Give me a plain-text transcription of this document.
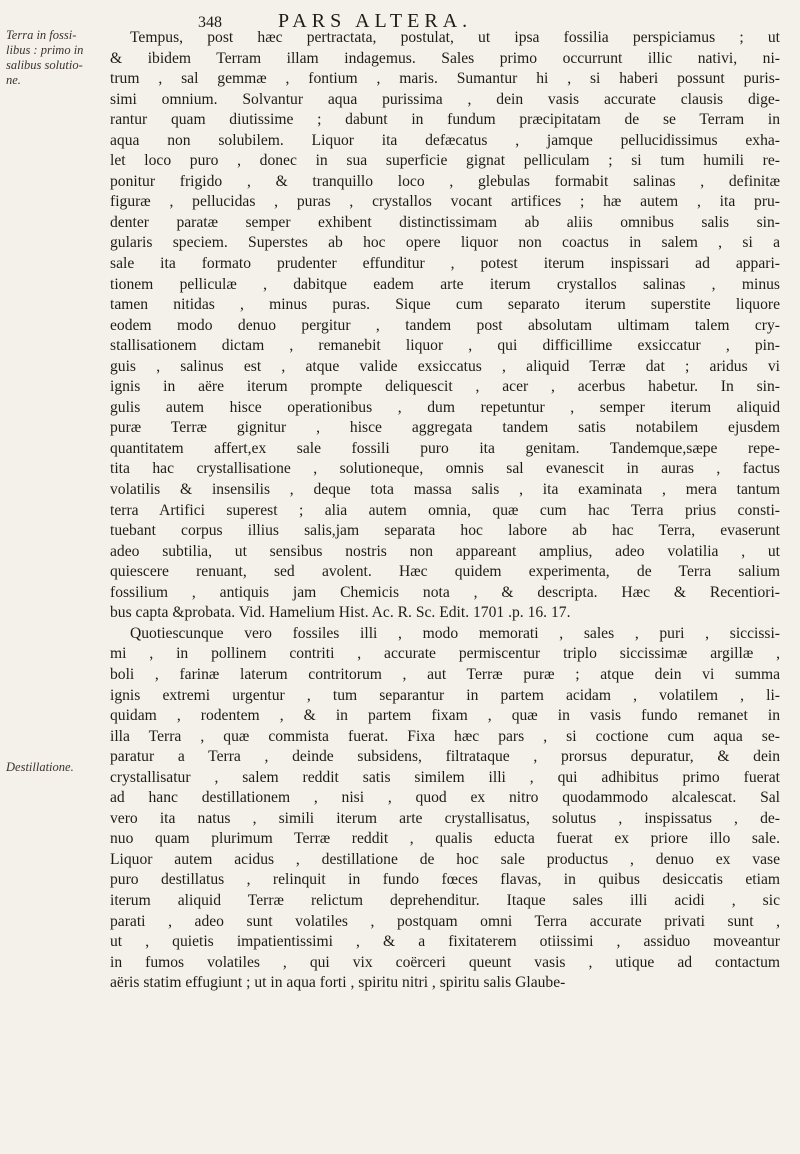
348	PARS ALTERA.
Terra in fossi-
libus : primo in
salibus solutio-
ne.
Destillatione.

Tempus, post hæc pertractata, postulat, ut ipsa fossilia perspiciamus ; ut
& ibidem Terram illam indagemus. Sales primo occurrunt illic nativi, ni-
trum , sal gemmæ , fontium , maris. Sumantur hi , si haberi possunt puris-
simi omnium. Solvantur aqua purissima , dein vasis accurate clausis dige-
rantur quam diutissime ; dabunt in fundum præcipitatam de se Terram in
aqua non solubilem. Liquor ita defæcatus , jamque pellucidissimus exha-
let loco puro , donec in sua superficie gignat pelliculam ; si tum humili re-
ponitur frigido , & tranquillo loco , glebulas formabit salinas , definitæ
figuræ , pellucidas , puras , crystallos vocant artifices ; hæ autem , ita pru-
denter paratæ semper exhibent distinctissimam ab aliis omnibus salis sin-
gularis speciem. Superstes ab hoc opere liquor non coactus in salem , si a
sale ita formato prudenter effunditur , potest iterum inspissari ad appari-
tionem pelliculæ , dabitque eadem arte iterum crystallos salinas , minus
tamen nitidas , minus puras. Sique cum separato iterum superstite liquore
eodem modo denuo pergitur , tandem post absolutam ultimam talem cry-
stallisationem dictam , remanebit liquor , qui difficillime exsiccatur , pin-
guis , salinus est , atque valide exsiccatus , aliquid Terræ dat ; aridus vi
ignis in aëre iterum prompte deliquescit , acer , acerbus habetur. In sin-
gulis autem hisce operationibus , dum repetuntur , semper iterum aliquid
puræ Terræ gignitur , hisce aggregata tandem satis notabilem ejusdem
quantitatem affert,ex sale fossili puro ita genitam. Tandemque,sæpe repe-
tita hac crystallisatione , solutioneque, omnis sal evanescit in auras , factus
volatilis & insensilis , deque tota massa salis , ita examinata , mera tantum
terra Artifici superest ; alia autem omnia, quæ cum hac Terra prius consti-
tuebant corpus illius salis,jam separata hoc labore ab hac Terra, evaserunt
adeo subtilia, ut sensibus nostris non appareant amplius, adeo volatilia , ut
quiescere renuant, sed avolent. Hæc quidem experimenta, de Terra salium
fossilium , antiquis jam Chemicis nota , & descripta. Hæc & Recentiori-
bus capta &probata. Vid. Hamelium Hist. Ac. R. Sc. Edit. 1701 .p. 16. 17.

Quotiescunque vero fossiles illi , modo memorati , sales , puri , siccissi-
mi , in pollinem contriti , accurate permiscentur triplo siccissimæ argillæ ,
boli , farinæ laterum contritorum , aut Terræ puræ ; atque dein vi summa
ignis extremi urgentur , tum separantur in partem acidam , volatilem , li-
quidam , rodentem , & in partem fixam , quæ in vasis fundo remanet in
illa Terra , quæ commista fuerat. Fixa hæc pars , si coctione cum aqua se-
paratur a Terra , deinde subsidens, filtrataque , prorsus depuratur, & dein
crystallisatur , salem reddit satis similem illi , qui adhibitus primo fuerat
ad hanc destillationem , nisi , quod ex nitro quodammodo alcalescat. Sal
vero ita natus , simili iterum arte crystallisatus, solutus , inspissatus , de-
nuo quam plurimum Terræ reddit , qualis educta fuerat ex priore illo sale.
Liquor autem acidus , destillatione de hoc sale productus , denuo ex vase
puro destillatus , relinquit in fundo fœces flavas, in quibus desiccatis etiam
iterum aliquid Terræ relictum deprehenditur. Itaque sales illi acidi , sic
parati , adeo sunt volatiles , postquam omni Terra accurate privati sunt ,
ut , quietis impatientissimi , & a fixitaterem otiissimi , assiduo moveantur
in fumos volatiles , qui vix coërceri queunt vasis , utique ad contactum
aëris statim effugiunt ; ut in aqua forti , spiritu nitri , spiritu salis Glaube-
